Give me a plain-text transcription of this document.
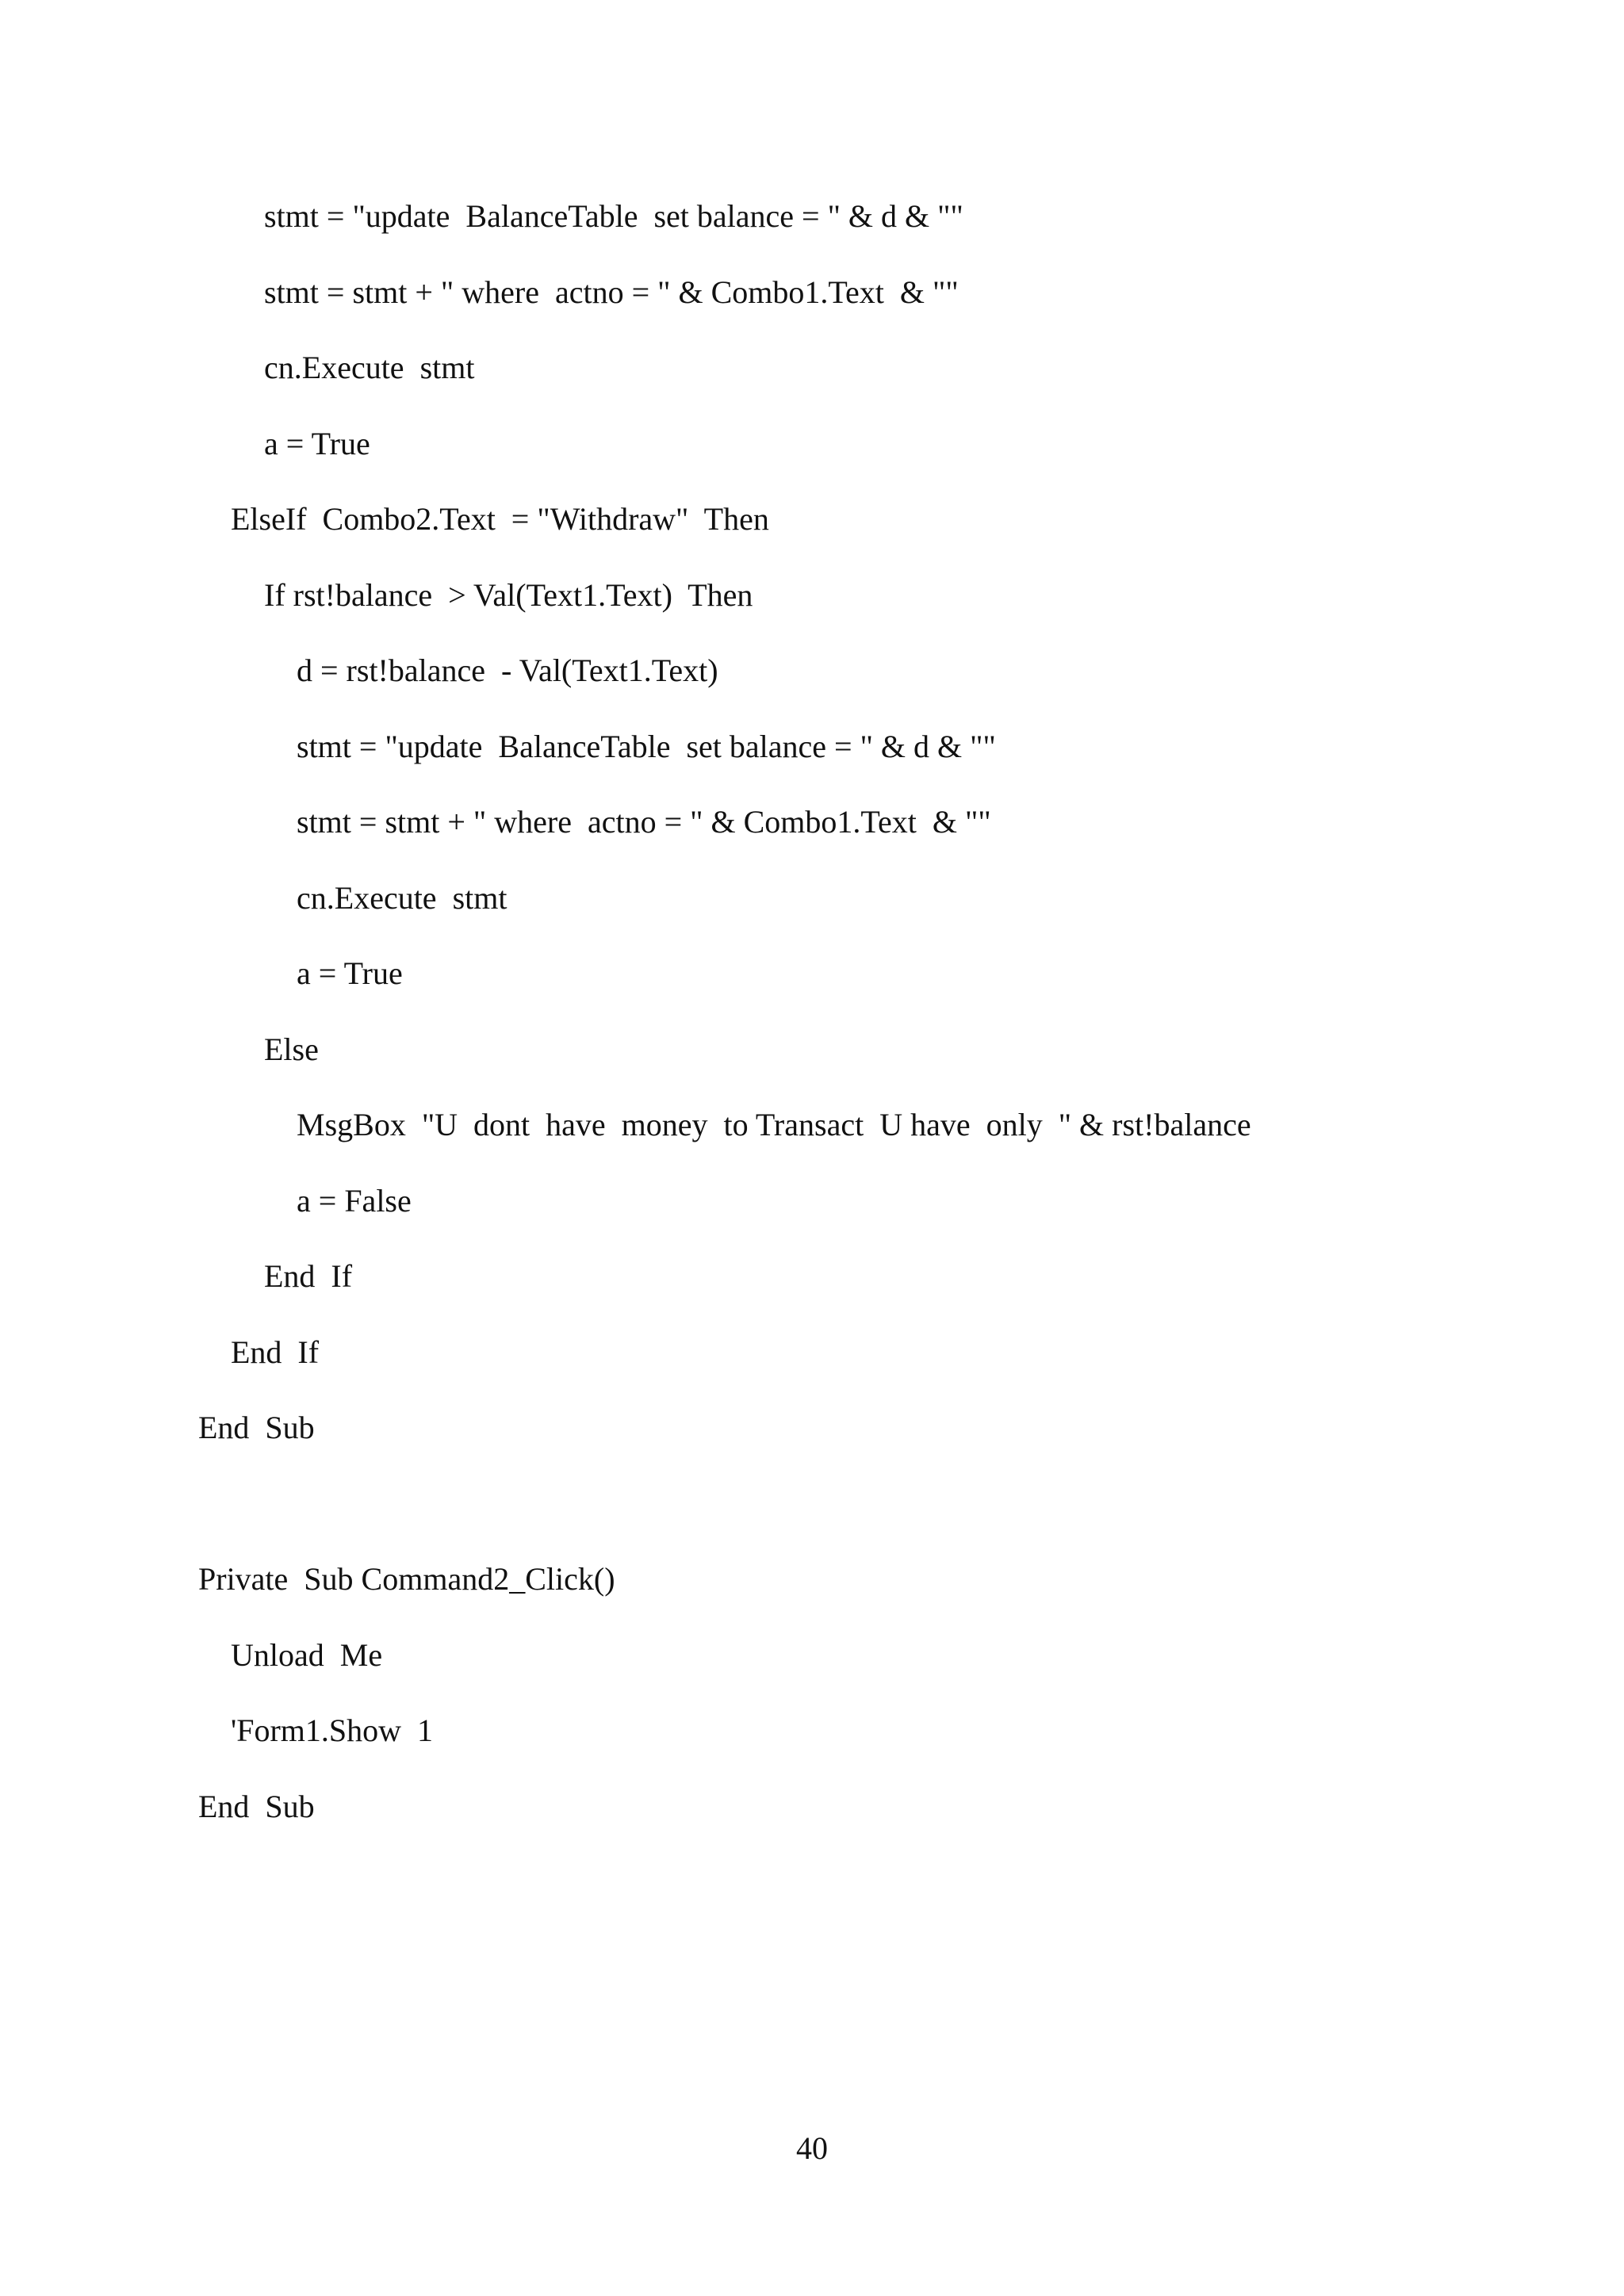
stmt = "update  BalanceTable  set balance = " & d & ""
stmt = stmt + " where  actno = " & Combo1.Text  & ""
cn.Execute  stmt
a = True
ElseIf  Combo2.Text  = "Withdraw"  Then
If rst!balance  > Val(Text1.Text)  Then
d = rst!balance  - Val(Text1.Text)
stmt = "update  BalanceTable  set balance = " & d & ""
stmt = stmt + " where  actno = " & Combo1.Text  & ""
cn.Execute  stmt
a = True
Else
MsgBox  "U  dont  have  money  to Transact  U have  only  " & rst!balance
a = False
End  If
End  If
End  Sub
Private  Sub Command2_Click()
Unload  Me
'Form1.Show  1
End  Sub
40
